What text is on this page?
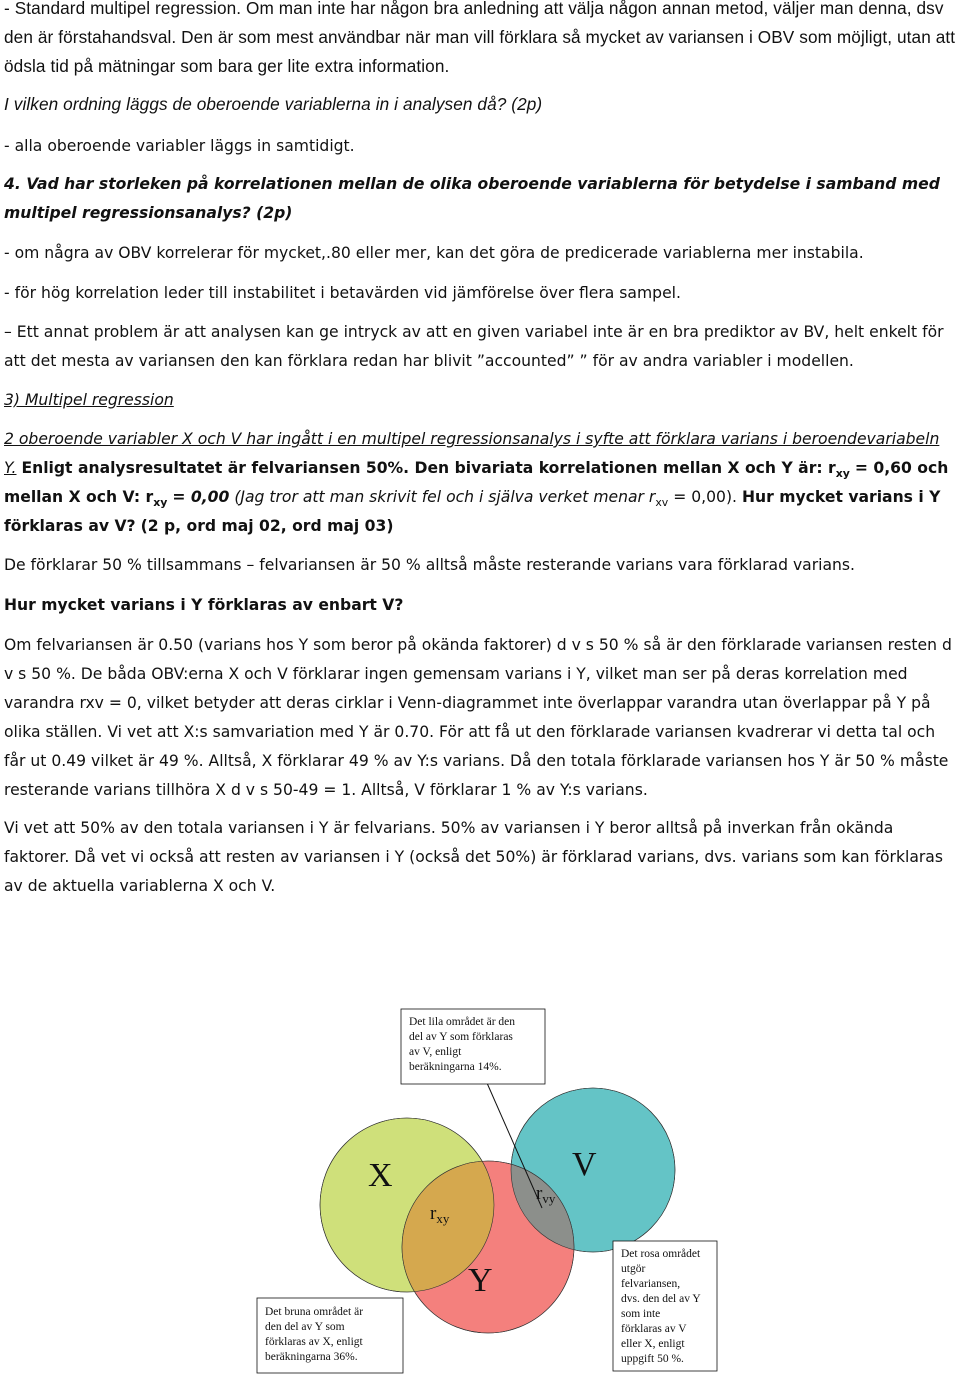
- Standard multipel regression. Om man inte har någon bra anledning att välja någon annan metod, väljer man denna, dsv den är förstahandsval. Den är som mest användbar när man vill förklara så mycket av variansen i OBV som möjligt, utan att ödsla tid på mätningar som bara ger lite extra information.

I vilken ordning läggs de oberoende variablerna in i analysen då? (2p)

- alla oberoende variabler läggs in samtidigt.

4. Vad har storleken på korrelationen mellan de olika oberoende variablerna för betydelse i samband med multipel regressionsanalys? (2p)

- om några av OBV korrelerar för mycket,.80 eller mer, kan det göra de predicerade variablerna mer instabila.

- för hög korrelation leder till instabilitet i betavärden vid jämförelse över flera sampel.

– Ett annat problem är att analysen kan ge intryck av att en given variabel inte är en bra prediktor av BV, helt enkelt för att det mesta av variansen den kan förklara redan har blivit ”accounted” ” för av andra variabler i modellen.

3) Multipel regression

2 oberoende variabler X och V har ingått i en multipel regressionsanalys i syfte att förklara varians i beroendevariabeln Y. Enligt analysresultatet är felvariansen 50%. Den bivariata korrelationen mellan X och Y är: $r_{xy} = 0,60$ och mellan X och V: $r_{xy} = 0,00$ (Jag tror att man skrivit fel och i själva verket menar $r_{xv} = 0,00$). Hur mycket varians i Y förklaras av V? (2 p, ord maj 02, ord maj 03)

De förklarar 50 % tillsammans – felvariansen är 50 % alltså måste resterande varians vara förklarad varians.

Hur mycket varians i Y förklaras av enbart V?

Om felvariansen är 0.50 (varians hos Y som beror på okända faktorer) d v s 50 % så är den förklarade variansen resten d v s 50 %. De båda OBV:erna X och V förklarar ingen gemensam varians i Y, vilket man ser på deras korrelation med varandra rxv = 0, vilket betyder att deras cirklar i Venn-diagrammet inte överlappar varandra utan överlappar på Y på olika ställen. Vi vet att X:s samvariation med Y är 0.70. För att få ut den förklarade variansen kvadrerar vi detta tal och får ut 0.49 vilket är 49 %. Alltså, X förklarar 49 % av Y:s varians. Då den totala förklarade variansen hos Y är 50 % måste resterande varians tillhöra X d v s 50-49 = 1. Alltså, V förklarar 1 % av Y:s varians.

Vi vet att 50% av den totala variansen i Y är felvarians. 50% av variansen i Y beror alltså på inverkan från okända faktorer. Då vet vi också att resten av variansen i Y (också det 50%) är förklarad varians, dvs. varians som kan förklaras av de aktuella variablerna X och V.

X	V
Y
$r_{xy}$
$r_{vy}$
Det lila området är den del av Y som förklaras av V, enligt beräkningarna 14%.
Det bruna området är den del av Y som förklaras av X, enligt beräkningarna 36%.
Det rosa området utgör felvariansen, dvs. den del av Y som inte förklaras av V eller X, enligt uppgift 50 %.
